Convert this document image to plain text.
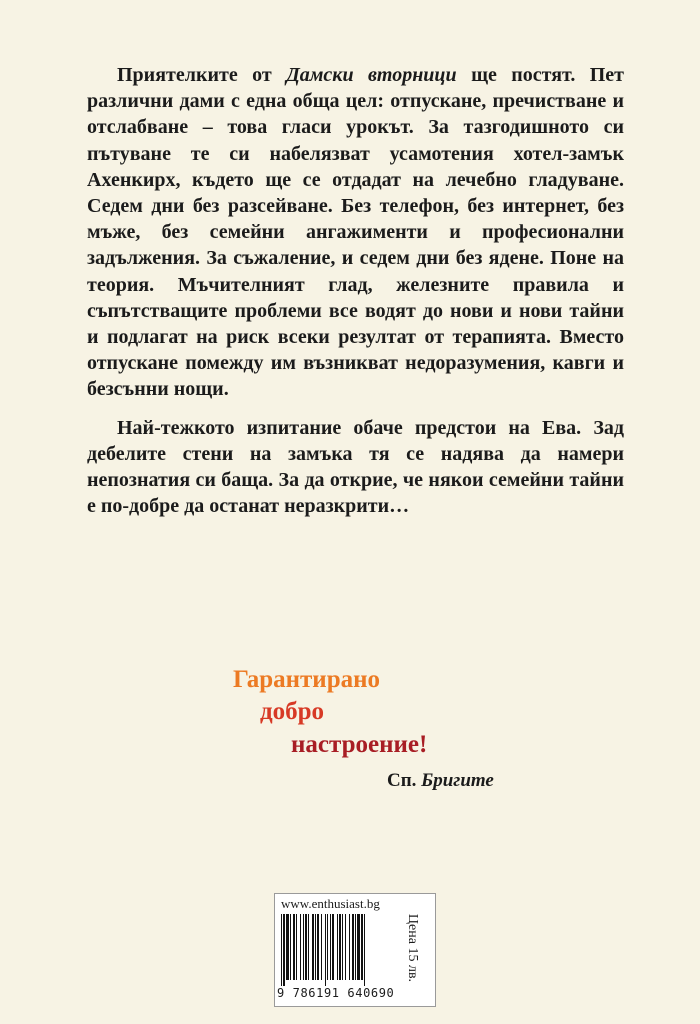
Приятелките от Дамски вторници ще постят. Пет различни дами с една обща цел: отпускане, пречистване и отслабване – това гласи урокът. За тазгодишното си пътуване те си набелязват усамотения хотел-замък Ахенкирх, където ще се отдадат на лечебно гладуване. Седем дни без разсейване. Без телефон, без интернет, без мъже, без семейни ангажименти и професионални задължения. За съжаление, и седем дни без ядене. Поне на теория. Мъчителният глад, железните правила и съпътстващите проблеми все водят до нови и нови тайни и подлагат на риск всеки резултат от терапията. Вместо отпускане помежду им възникват недоразумения, кавги и безсънни нощи.

Най-тежкото изпитание обаче предстои на Ева. Зад дебелите стени на замъка тя се надява да намери непознатия си баща. За да открие, че някои семейни тайни е по-добре да останат неразкрити…

Гарантирано
добро
настроение!
Сп. Бригите
www.enthusiast.bg
9 786191 640690
Цена 15 лв.
